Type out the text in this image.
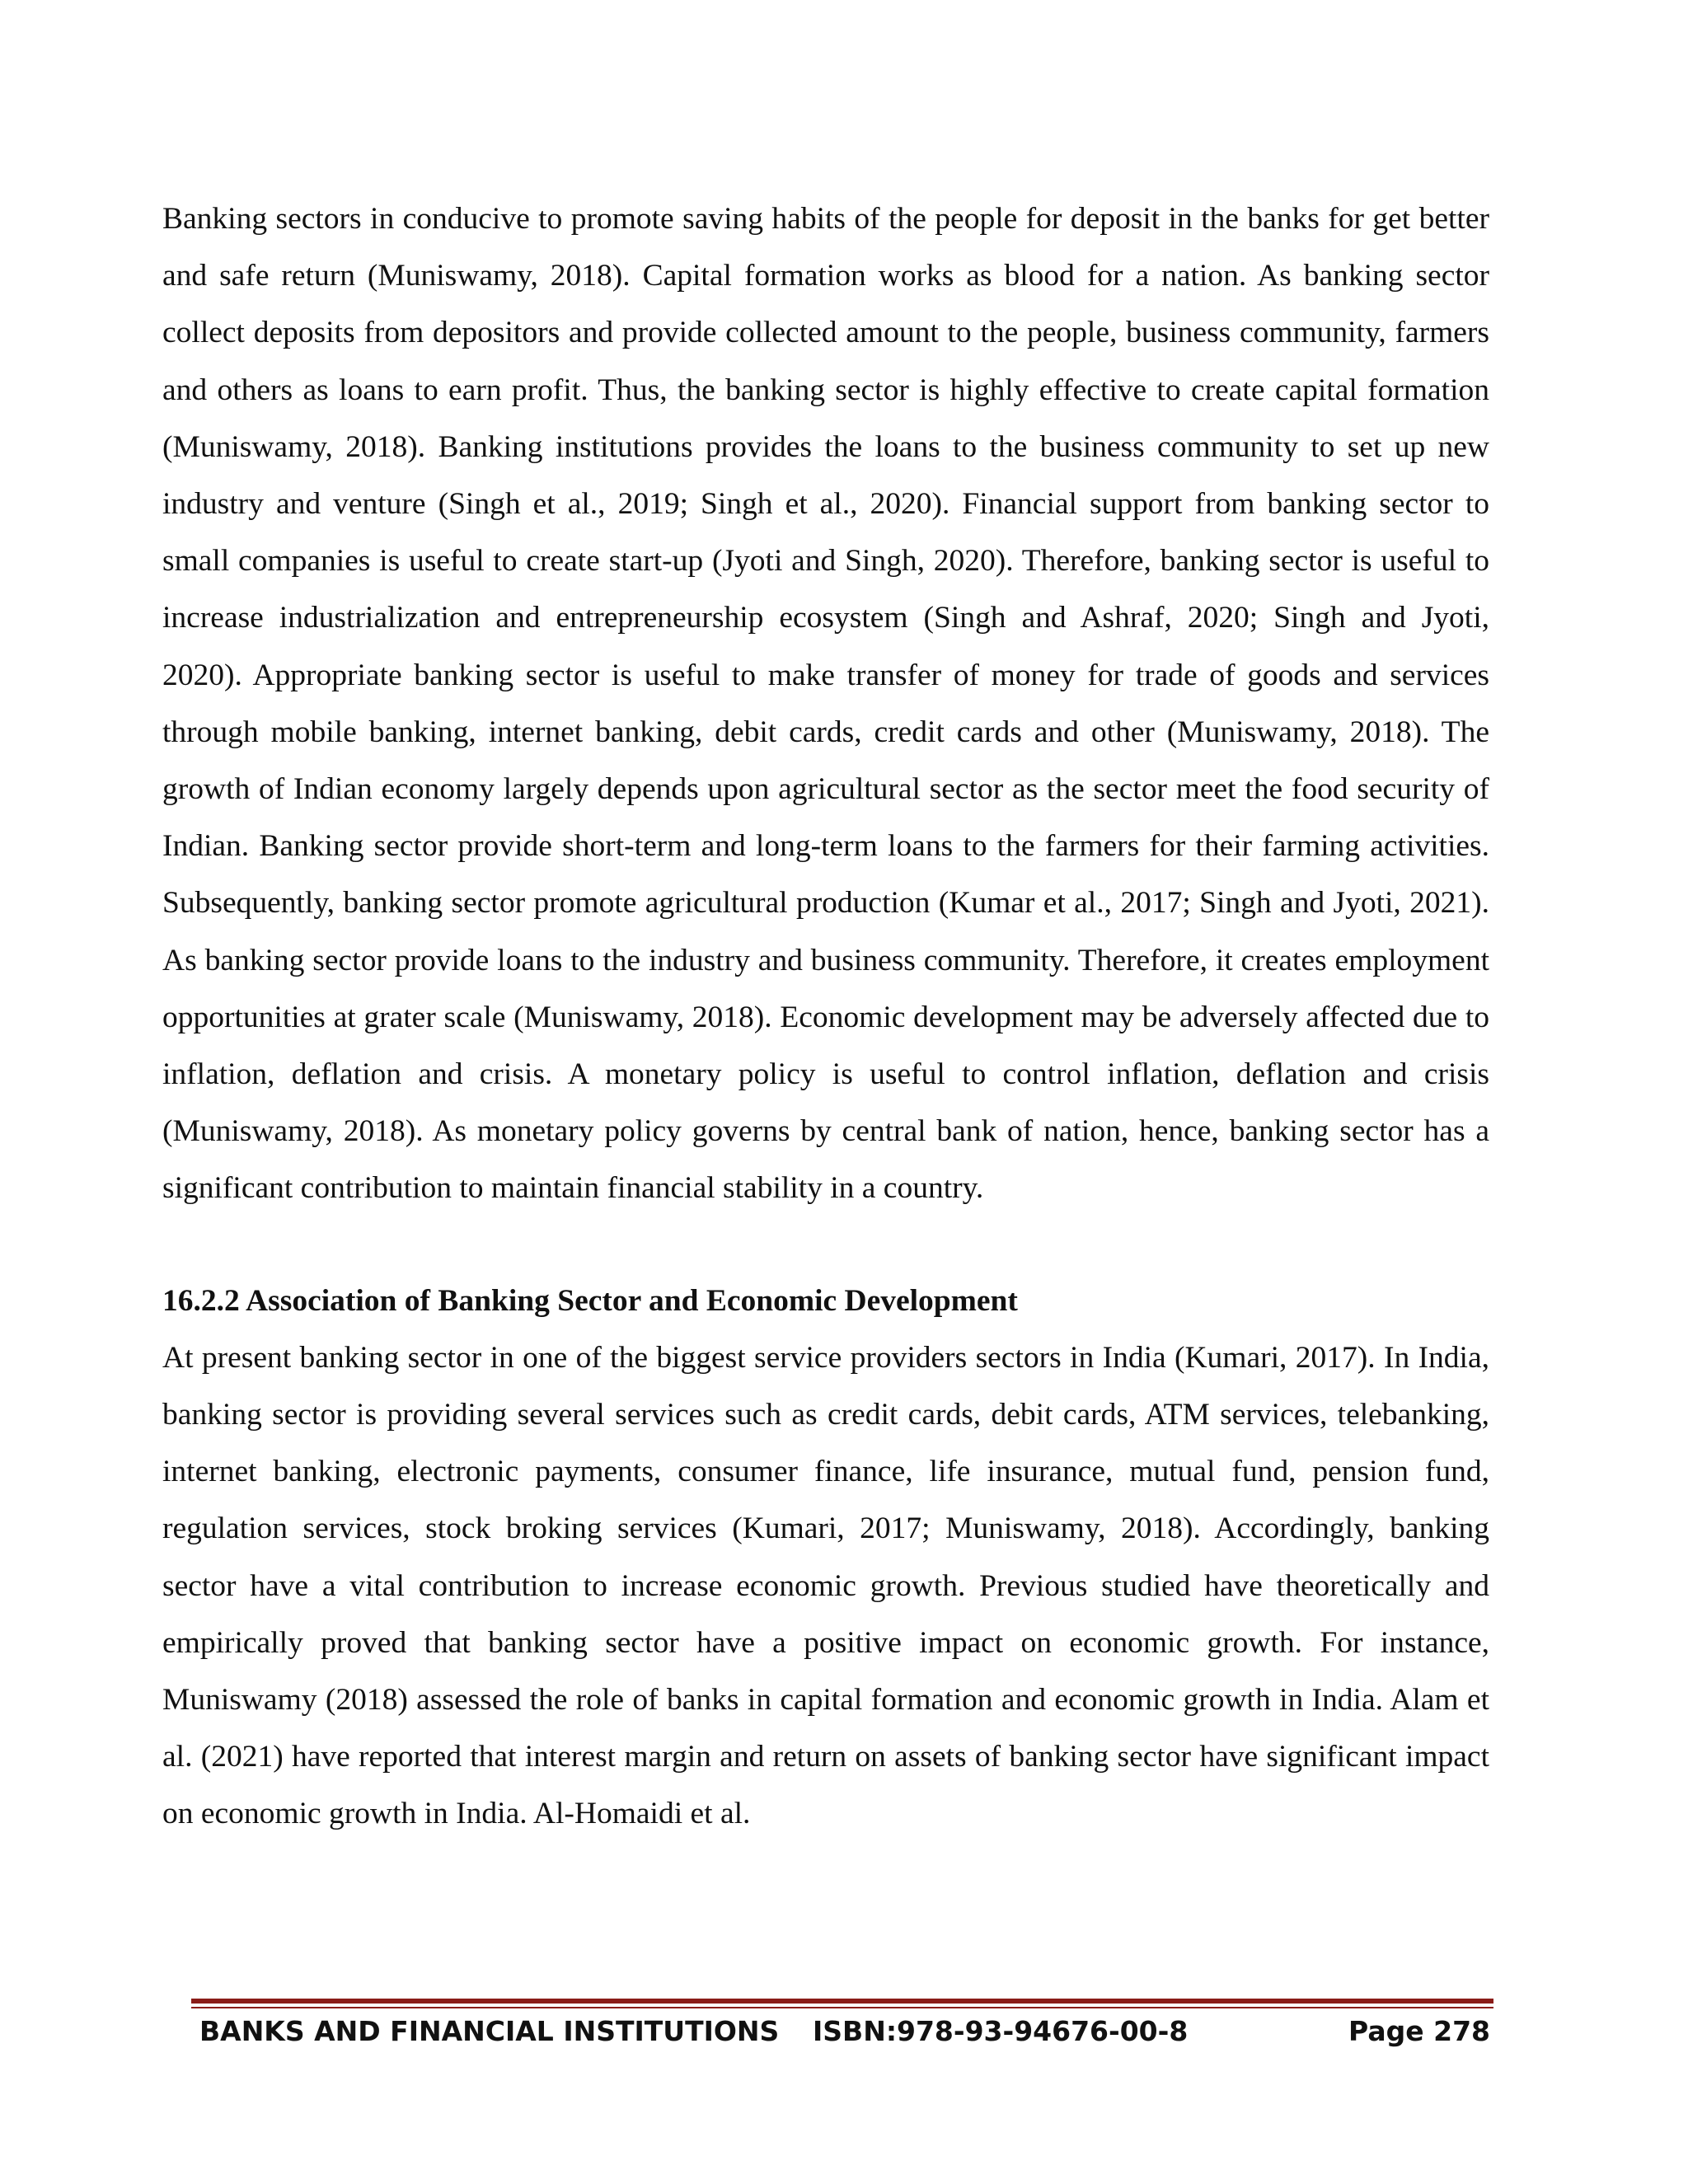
Banking sectors in conducive to promote saving habits of the people for deposit in the banks for get better and safe return (Muniswamy, 2018). Capital formation works as blood for a nation. As banking sector collect deposits from depositors and provide collected amount to the people, business community, farmers and others as loans to earn profit. Thus, the banking sector is highly effective to create capital formation (Muniswamy, 2018). Banking institutions provides the loans to the business community to set up new industry and venture (Singh et al., 2019; Singh et al., 2020). Financial support from banking sector to small companies is useful to create start-up (Jyoti and Singh, 2020). Therefore, banking sector is useful to increase industrialization and entrepreneurship ecosystem (Singh and Ashraf, 2020; Singh and Jyoti, 2020). Appropriate banking sector is useful to make transfer of money for trade of goods and services through mobile banking, internet banking, debit cards, credit cards and other (Muniswamy, 2018). The growth of Indian economy largely depends upon agricultural sector as the sector meet the food security of Indian. Banking sector provide short-term and long-term loans to the farmers for their farming activities. Subsequently, banking sector promote agricultural production (Kumar et al., 2017; Singh and Jyoti, 2021). As banking sector provide loans to the industry and business community. Therefore, it creates employment opportunities at grater scale (Muniswamy, 2018). Economic development may be adversely affected due to inflation, deflation and crisis. A monetary policy is useful to control inflation, deflation and crisis (Muniswamy, 2018). As monetary policy governs by central bank of nation, hence, banking sector has a significant contribution to maintain financial stability in a country.

16.2.2 Association of Banking Sector and Economic Development

At present banking sector in one of the biggest service providers sectors in India (Kumari, 2017). In India, banking sector is providing several services such as credit cards, debit cards, ATM services, telebanking, internet banking, electronic payments, consumer finance, life insurance, mutual fund, pension fund, regulation services, stock broking services (Kumari, 2017; Muniswamy, 2018). Accordingly, banking sector have a vital contribution to increase economic growth. Previous studied have theoretically and empirically proved that banking sector have a positive impact on economic growth. For instance, Muniswamy (2018) assessed the role of banks in capital formation and economic growth in India. Alam et al. (2021) have reported that interest margin and return on assets of banking sector have significant impact on economic growth in India. Al-Homaidi et al.

BANKS AND FINANCIAL INSTITUTIONS ISBN:978-93-94676-00-8	Page 278
